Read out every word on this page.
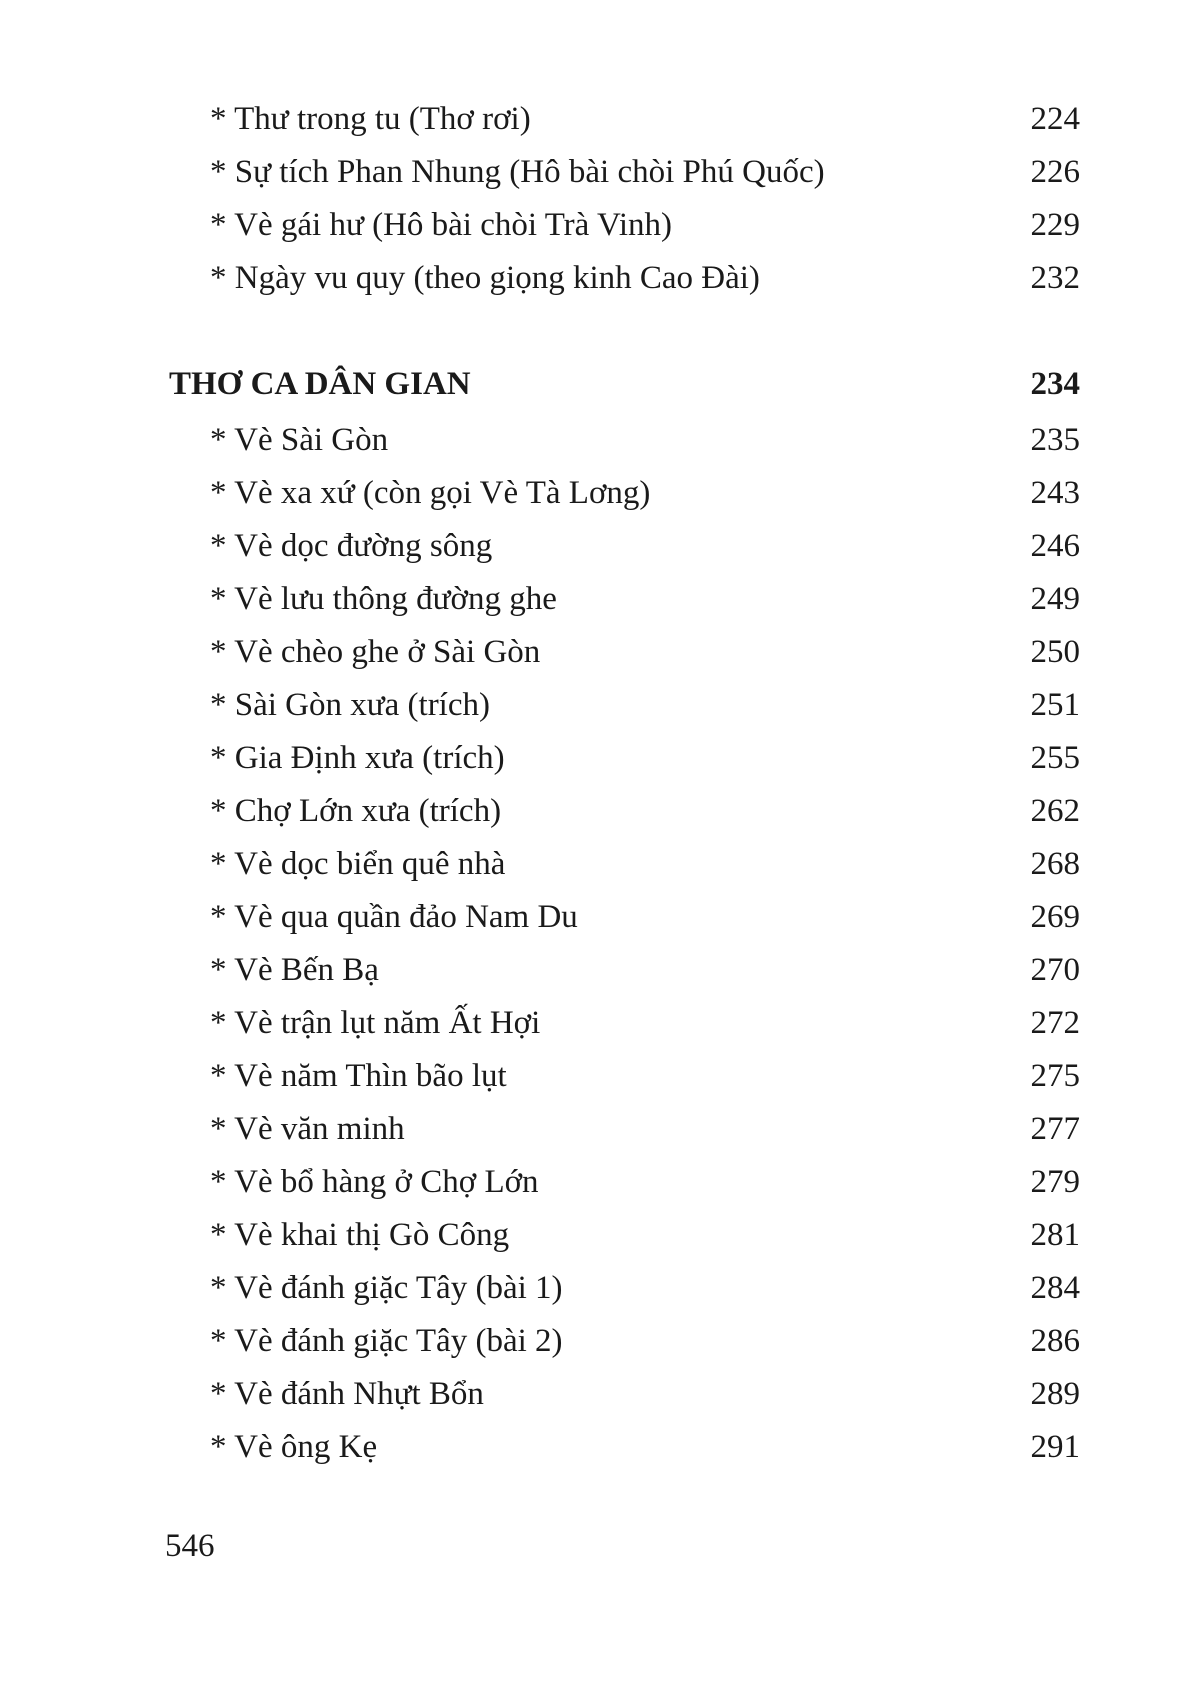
* Thư trong tu (Thơ rơi)	224
* Sự tích Phan Nhung (Hô bài chòi Phú Quốc)	226
* Vè gái hư (Hô bài chòi Trà Vinh)	229
* Ngày vu quy (theo giọng kinh Cao Đài)	232
THƠ CA DÂN GIAN	234
* Vè Sài Gòn	235
* Vè xa xứ (còn gọi Vè Tà Lơng)	243
* Vè dọc đường sông	246
* Vè lưu thông đường ghe	249
* Vè chèo ghe ở Sài Gòn	250
* Sài Gòn xưa (trích)	251
* Gia Định xưa (trích)	255
* Chợ Lớn xưa (trích)	262
* Vè dọc biển quê nhà	268
* Vè qua quần đảo Nam Du	269
* Vè Bến Bạ	270
* Vè trận lụt năm Ất Hợi	272
* Vè năm Thìn bão lụt	275
* Vè văn minh	277
* Vè bổ hàng ở Chợ Lớn	279
* Vè khai thị Gò Công	281
* Vè đánh giặc Tây (bài 1)	284
* Vè đánh giặc Tây (bài 2)	286
* Vè đánh Nhựt Bổn	289
* Vè ông Kẹ	291
546
